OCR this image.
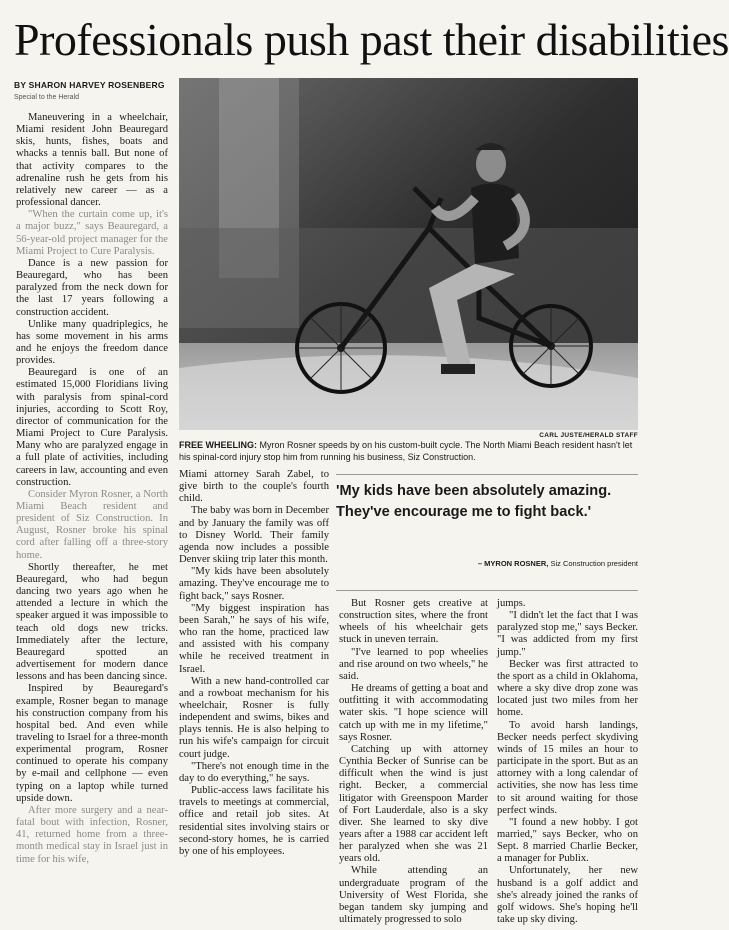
Professionals push past their disabilities
BY SHARON HARVEY ROSENBERG
Special to the Herald

Maneuvering in a wheelchair, Miami resident John Beauregard skis, hunts, fishes, boats and whacks a tennis ball. But none of that activity compares to the adrenaline rush he gets from his relatively new career — as a professional dancer.

"When the curtain come up, it's a major buzz," says Beauregard, a 56-year-old project manager for the Miami Project to Cure Paralysis.

Dance is a new passion for Beauregard, who has been paralyzed from the neck down for the last 17 years following a construction accident.

Unlike many quadriplegics, he has some movement in his arms and he enjoys the freedom dance provides.

Beauregard is one of an estimated 15,000 Floridians living with paralysis from spinal-cord injuries, according to Scott Roy, director of communication for the Miami Project to Cure Paralysis. Many who are paralyzed engage in a full plate of activities, including careers in law, accounting and even construction.

Consider Myron Rosner, a North Miami Beach resident and president of Siz Construction. In August, Rosner broke his spinal cord after falling off a three-story home.

Shortly thereafter, he met Beauregard, who had begun dancing two years ago when he attended a lecture in which the speaker argued it was impossible to teach old dogs new tricks. Immediately after the lecture, Beauregard spotted an advertisement for modern dance lessons and has been dancing since.

Inspired by Beauregard's example, Rosner began to manage his construction company from his hospital bed. And even while traveling to Israel for a three-month experimental program, Rosner continued to operate his company by e-mail and cellphone — even typing on a laptop while turned upside down.

After more surgery and a near-fatal bout with infection, Rosner, 41, returned home from a three-month medical stay in Israel just in time for his wife,

CARL JUSTE/HERALD STAFF
FREE WHEELING: Myron Rosner speeds by on his custom-built cycle. The North Miami Beach resident hasn't let his spinal-cord injury stop him from running his business, Siz Construction.

Miami attorney Sarah Zabel, to give birth to the couple's fourth child.

The baby was born in December and by January the family was off to Disney World. Their family agenda now includes a possible Denver skiing trip later this month.

"My kids have been absolutely amazing. They've encourage me to fight back," says Rosner.

"My biggest inspiration has been Sarah," he says of his wife, who ran the home, practiced law and assisted with his company while he received treatment in Israel.

With a new hand-controlled car and a rowboat mechanism for his wheelchair, Rosner is fully independent and swims, bikes and plays tennis. He is also helping to run his wife's campaign for circuit court judge.

"There's not enough time in the day to do everything," he says.

Public-access laws facilitate his travels to meetings at commercial, office and retail job sites. At residential sites involving stairs or second-story homes, he is carried by one of his employees.

'My kids have been absolutely amazing. They've encourage me to fight back.'
– MYRON ROSNER, Siz Construction president

But Rosner gets creative at construction sites, where the front wheels of his wheelchair gets stuck in uneven terrain.

"I've learned to pop wheelies and rise around on two wheels," he said.

He dreams of getting a boat and outfitting it with accommodating water skis. "I hope science will catch up with me in my lifetime," says Rosner.

Catching up with attorney Cynthia Becker of Sunrise can be difficult when the wind is just right. Becker, a commercial litigator with Greenspoon Marder of Fort Lauderdale, also is a sky diver. She learned to sky dive years after a 1988 car accident left her paralyzed when she was 21 years old.

While attending an undergraduate program of the University of West Florida, she began tandem sky jumping and ultimately progressed to solo

jumps.

"I didn't let the fact that I was paralyzed stop me," says Becker. "I was addicted from my first jump."

Becker was first attracted to the sport as a child in Oklahoma, where a sky dive drop zone was located just two miles from her home.

To avoid harsh landings, Becker needs perfect skydiving winds of 15 miles an hour to participate in the sport. But as an attorney with a long calendar of activities, she now has less time to sit around waiting for those perfect winds.

"I found a new hobby. I got married," says Becker, who on Sept. 8 married Charlie Becker, a manager for Publix.

Unfortunately, her new husband is a golf addict and she's already joined the ranks of golf widows. She's hoping he'll take up sky diving.
